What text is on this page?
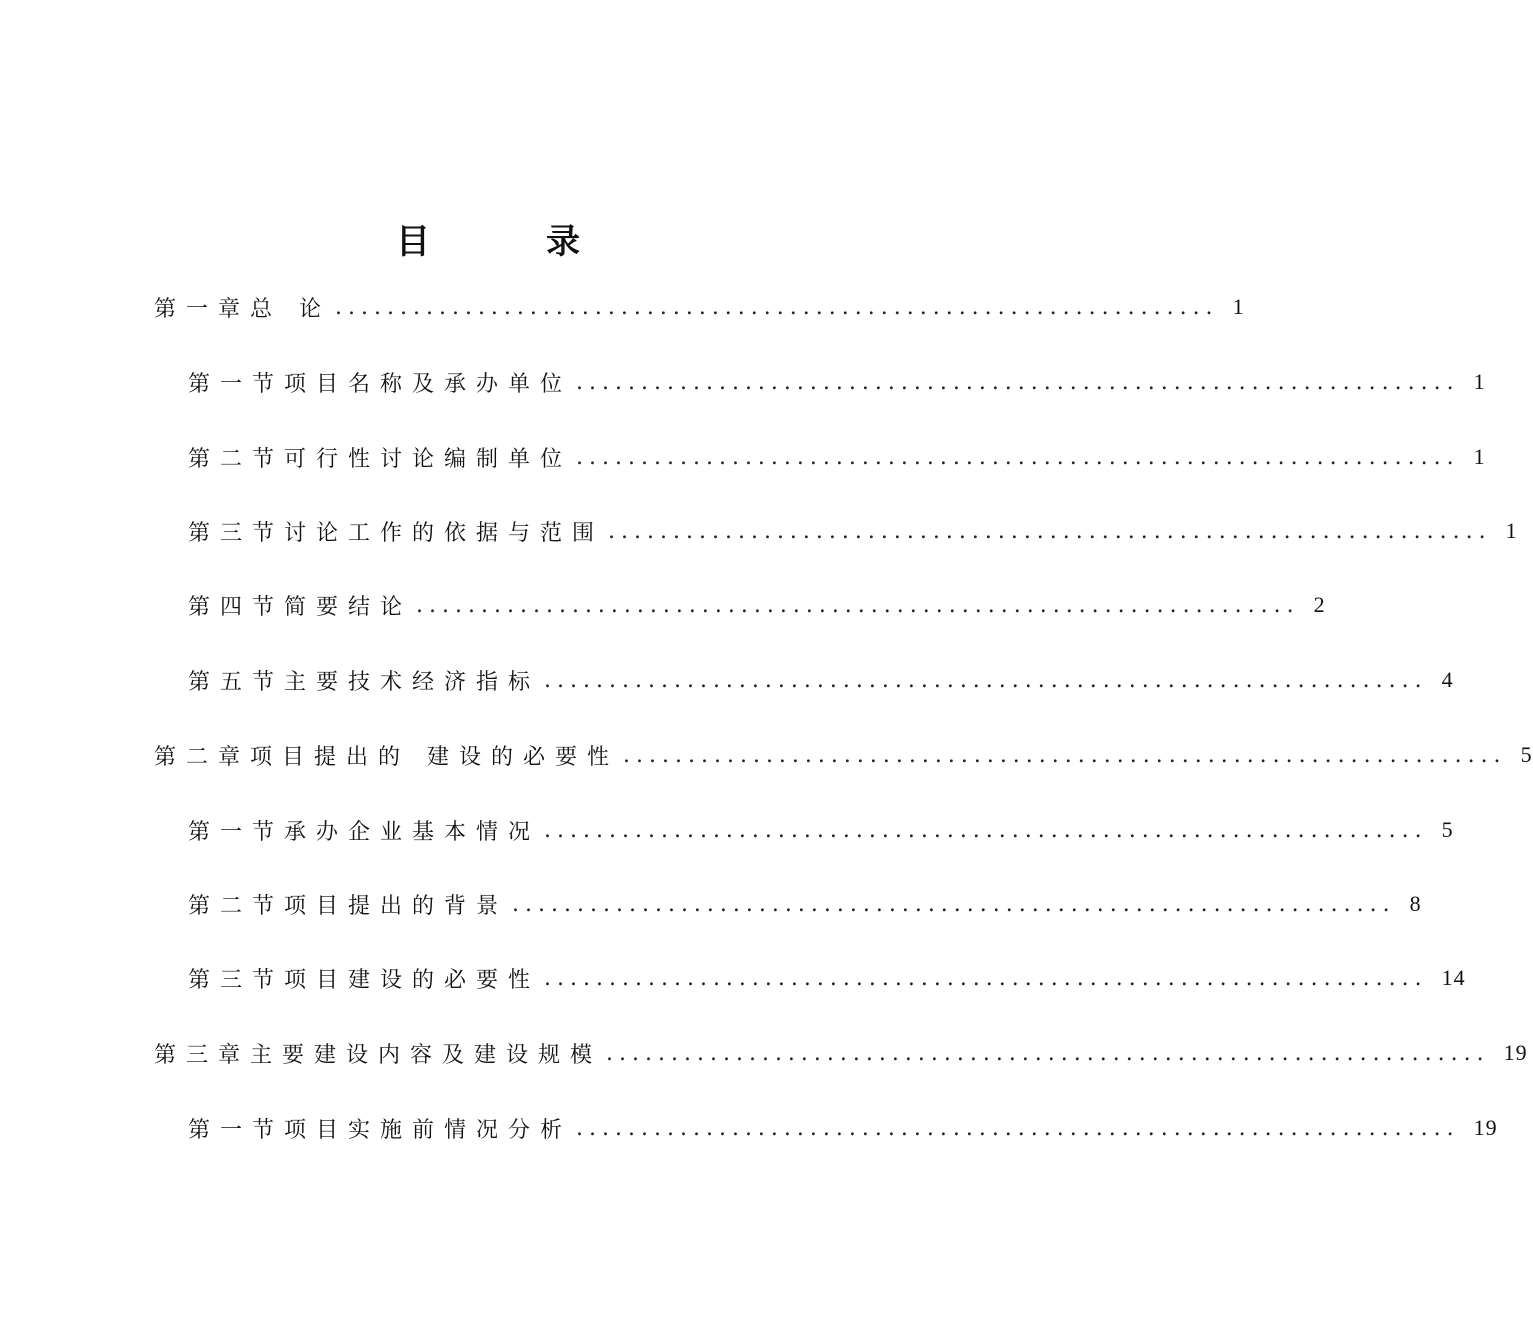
目	录
第一章 总 论 .................................................................... 1
第一节 项目名称及承办单位 .................................................................... 1
第二节 可行性讨论编制单位 .................................................................... 1
第三节 讨论工作的依据与范围 .................................................................... 1
第四节 简要结论 .................................................................... 2
第五节 主要技术经济指标 .................................................................... 4
第二章 项目提出的 建设的必要性 .................................................................... 5
第一节 承办企业基本情况 .................................................................... 5
第二节 项目提出的背景 .................................................................... 8
第三节 项目建设的必要性 .................................................................... 14
第三章 主要建设内容及建设规模 .................................................................... 19
第一节 项目实施前情况分析 .................................................................... 19
